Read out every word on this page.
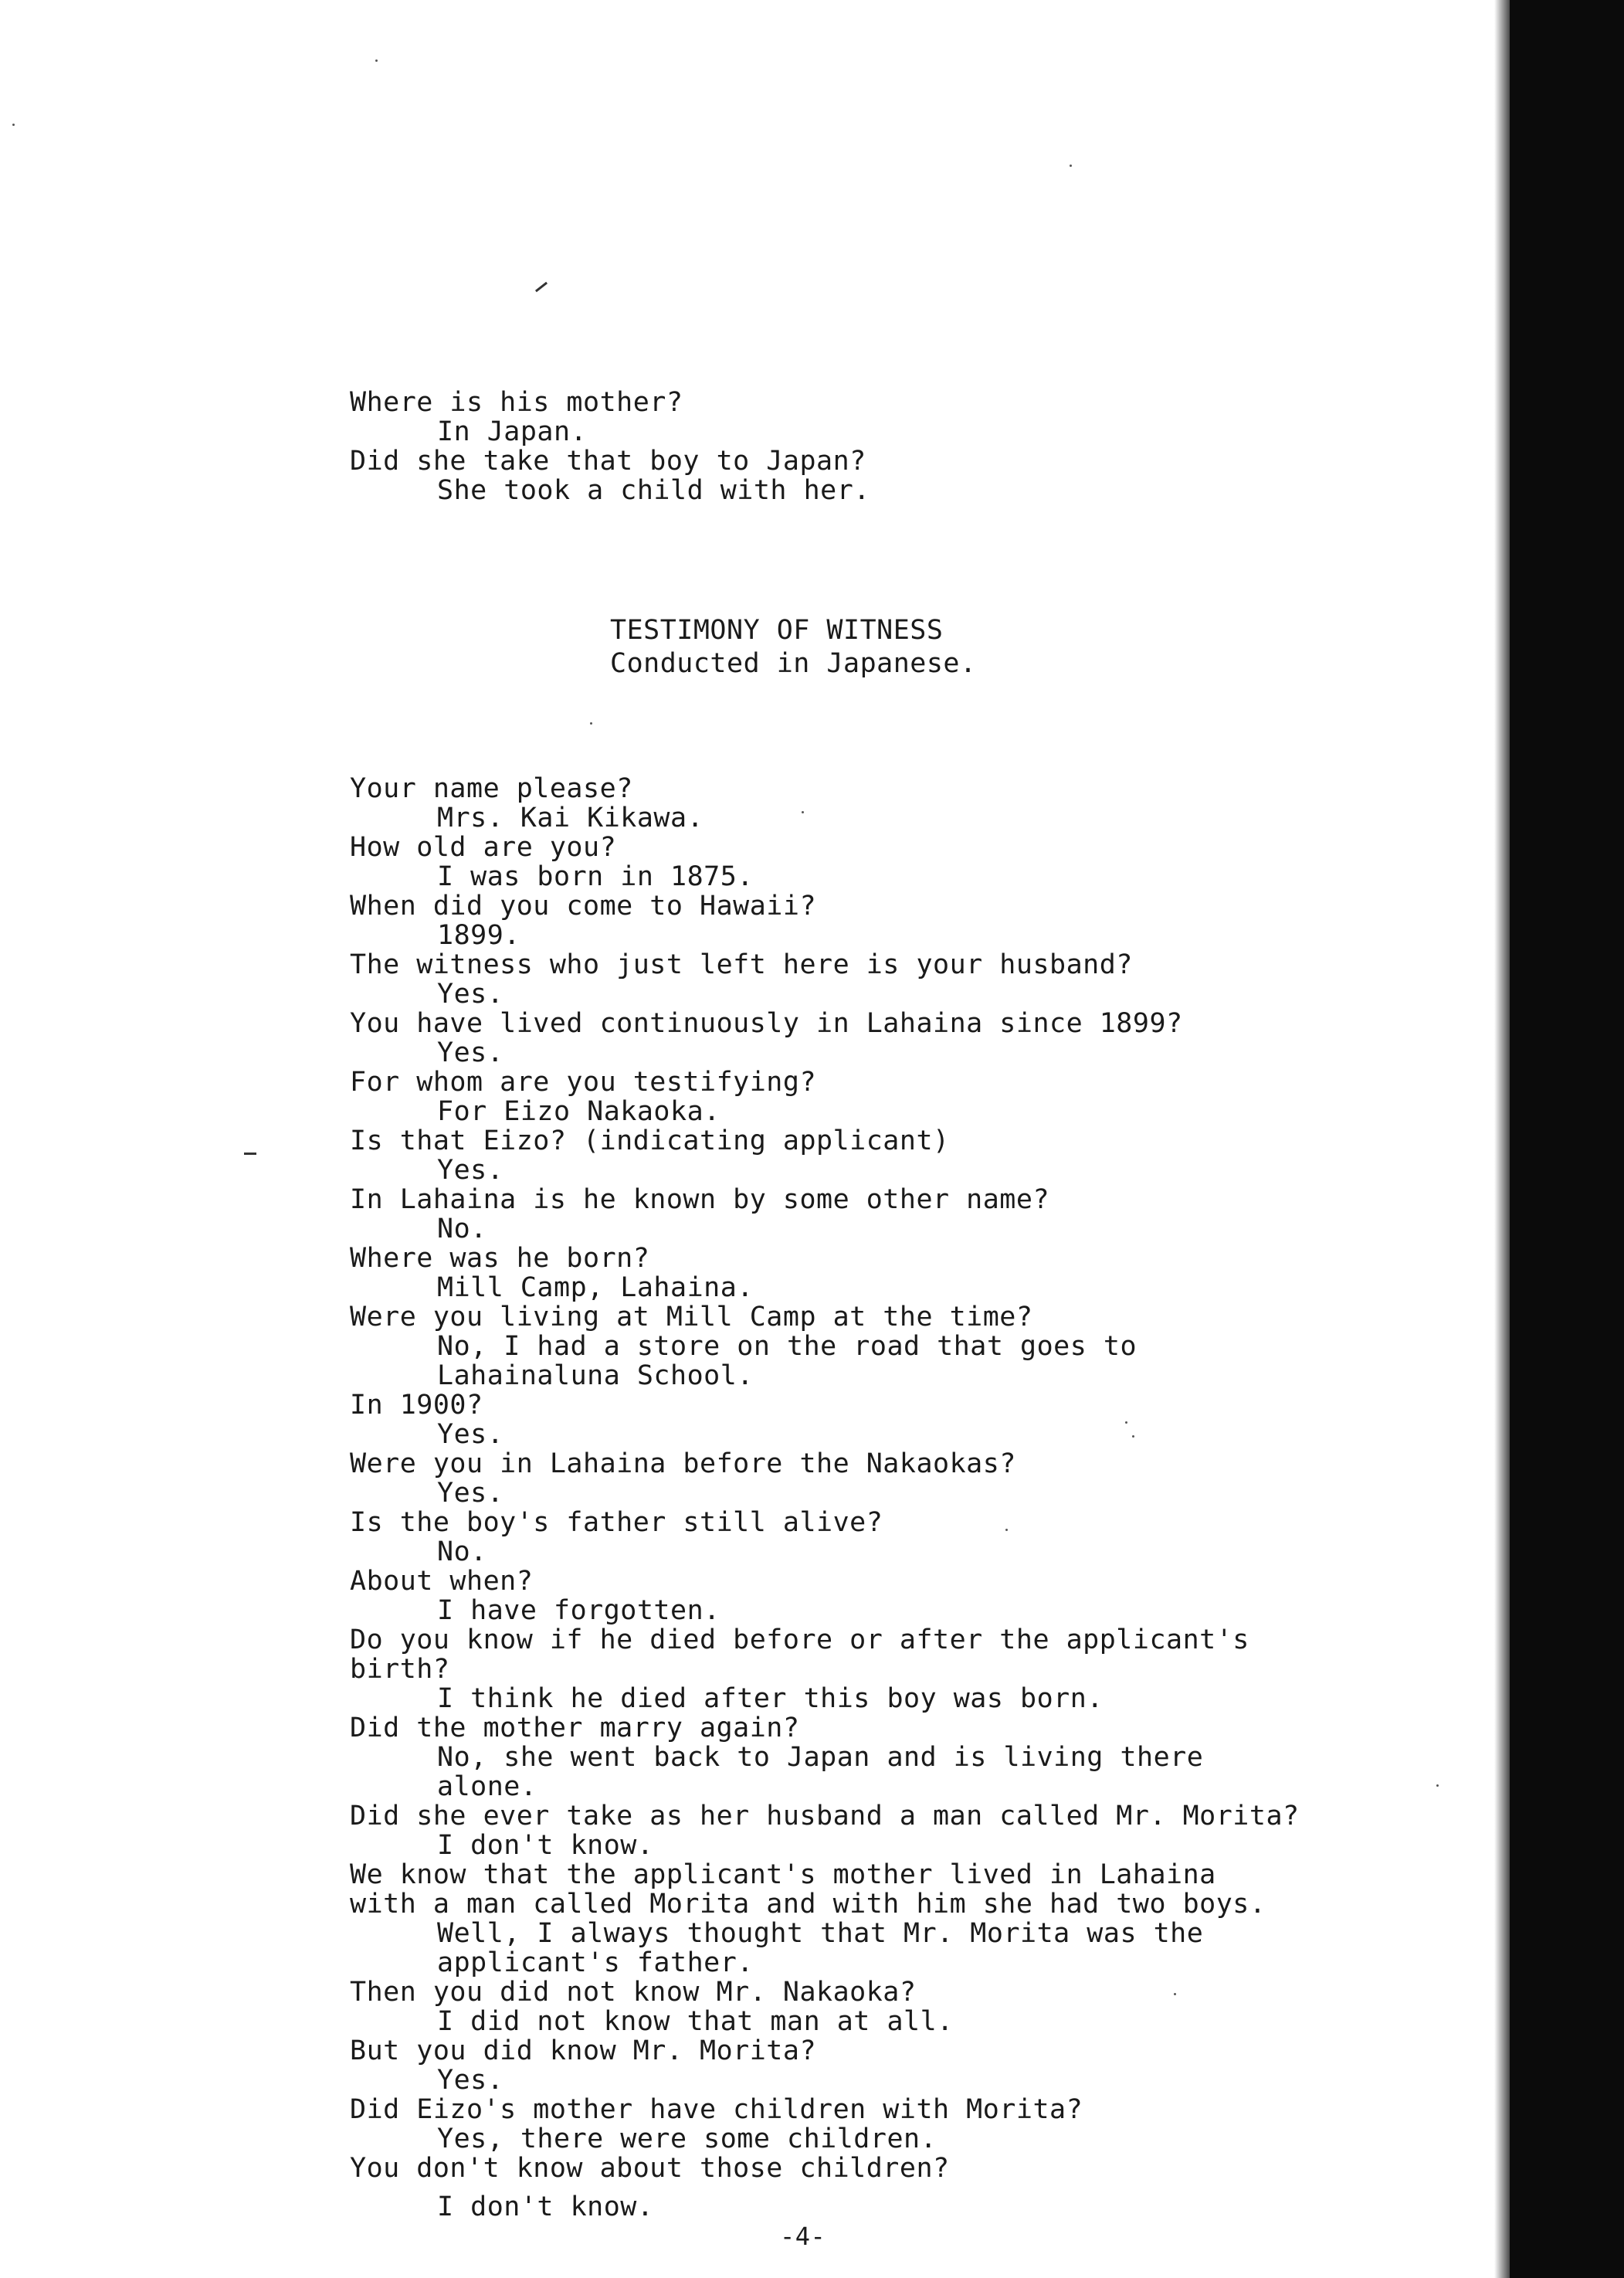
Where is his mother?
In Japan.
Did she take that boy to Japan?
She took a child with her.
TESTIMONY OF WITNESS
Conducted in Japanese.
Your name please?
Mrs. Kai Kikawa.
How old are you?
I was born in 1875.
When did you come to Hawaii?
1899.
The witness who just left here is your husband?
Yes.
You have lived continuously in Lahaina since 1899?
Yes.
For whom are you testifying?
For Eizo Nakaoka.
Is that Eizo? (indicating applicant)
Yes.
In Lahaina is he known by some other name?
No.
Where was he born?
Mill Camp, Lahaina.
Were you living at Mill Camp at the time?
No, I had a store on the road that goes to
Lahainaluna School.
In 1900?
Yes.
Were you in Lahaina before the Nakaokas?
Yes.
Is the boy's father still alive?
No.
About when?
I have forgotten.
Do you know if he died before or after the applicant's
birth?
I think he died after this boy was born.
Did the mother marry again?
No, she went back to Japan and is living there
alone.
Did she ever take as her husband a man called Mr. Morita?
I don't know.
We know that the applicant's mother lived in Lahaina
with a man called Morita and with him she had two boys.
Well, I always thought that Mr. Morita was the
applicant's father.
Then you did not know Mr. Nakaoka?
I did not know that man at all.
But you did know Mr. Morita?
Yes.
Did Eizo's mother have children with Morita?
Yes, there were some children.
You don't know about those children?
I don't know.
-4-
